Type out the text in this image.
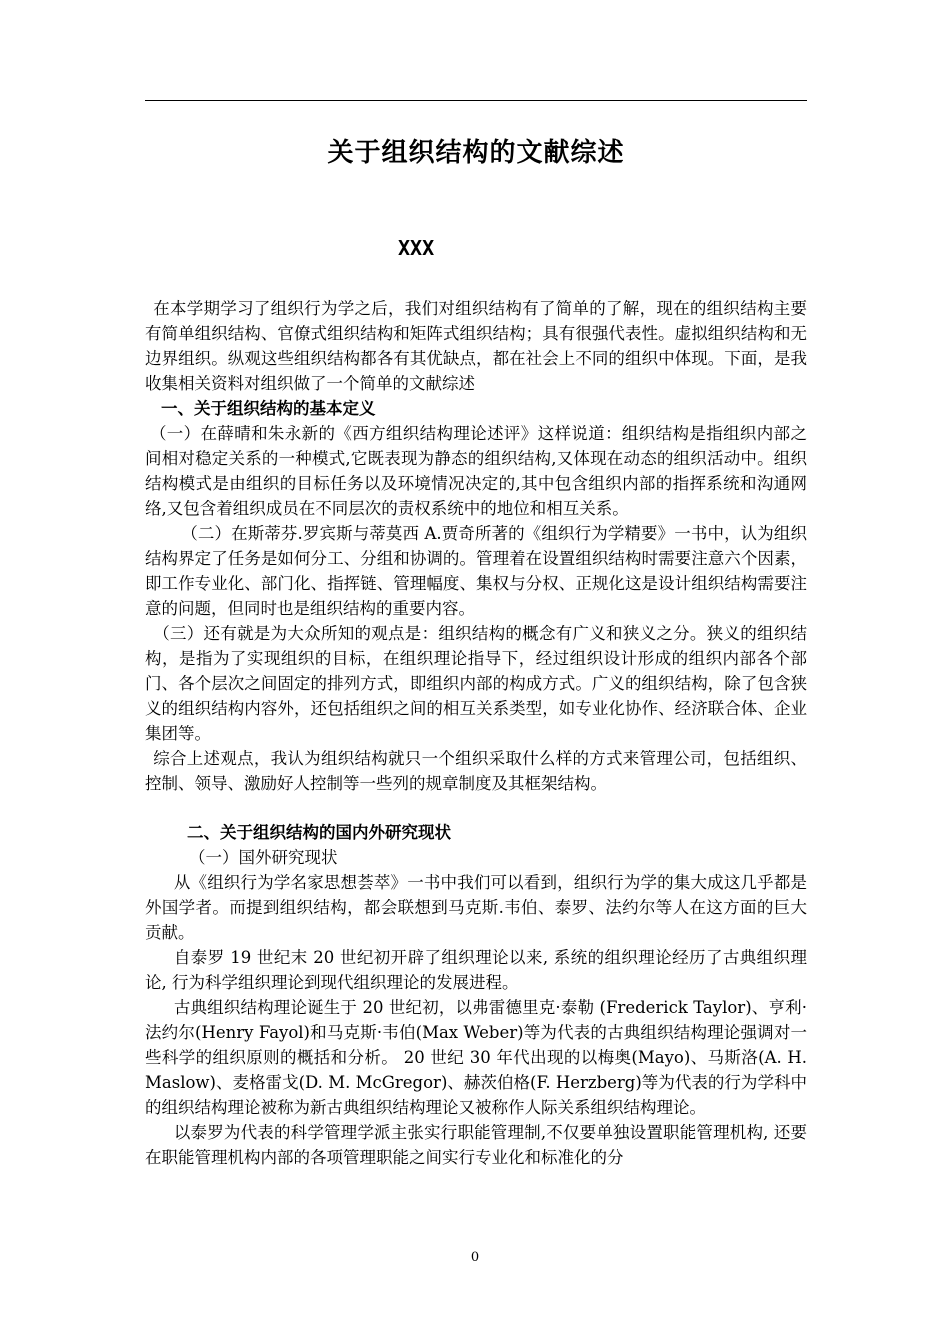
关于组织结构的文献综述
XXX

在本学期学习了组织行为学之后，我们对组织结构有了简单的了解，现在的组织结构主要有简单组织结构、官僚式组织结构和矩阵式组织结构；具有很强代表性。虚拟组织结构和无边界组织。纵观这些组织结构都各有其优缺点，都在社会上不同的组织中体现。下面，是我收集相关资料对组织做了一个简单的文献综述

一、关于组织结构的基本定义

（一）在薛晴和朱永新的《西方组织结构理论述评》这样说道：组织结构是指组织内部之间相对稳定关系的一种模式,它既表现为静态的组织结构,又体现在动态的组织活动中。组织结构模式是由组织的目标任务以及环境情况决定的,其中包含组织内部的指挥系统和沟通网络,又包含着组织成员在不同层次的责权系统中的地位和相互关系。

（二）在斯蒂芬.罗宾斯与蒂莫西 A.贾奇所著的《组织行为学精要》一书中，认为组织结构界定了任务是如何分工、分组和协调的。管理着在设置组织结构时需要注意六个因素，即工作专业化、部门化、指挥链、管理幅度、集权与分权、正规化这是设计组织结构需要注意的问题，但同时也是组织结构的重要内容。

（三）还有就是为大众所知的观点是：组织结构的概念有广义和狭义之分。狭义的组织结构，是指为了实现组织的目标，在组织理论指导下，经过组织设计形成的组织内部各个部门、各个层次之间固定的排列方式，即组织内部的构成方式。广义的组织结构，除了包含狭义的组织结构内容外，还包括组织之间的相互关系类型，如专业化协作、经济联合体、企业集团等。

综合上述观点，我认为组织结构就只一个组织采取什么样的方式来管理公司，包括组织、控制、领导、激励好人控制等一些列的规章制度及其框架结构。

二、关于组织结构的国内外研究现状

（一）国外研究现状

从《组织行为学名家思想荟萃》一书中我们可以看到，组织行为学的集大成这几乎都是外国学者。而提到组织结构，都会联想到马克斯.韦伯、泰罗、法约尔等人在这方面的巨大贡献。

自泰罗 19 世纪末 20 世纪初开辟了组织理论以来, 系统的组织理论经历了古典组织理论, 行为科学组织理论到现代组织理论的发展进程。

古典组织结构理论诞生于 20 世纪初，以弗雷德里克·泰勒 (Frederick Taylor)、亨利·法约尔(Henry Fayol)和马克斯·韦伯(Max Weber)等为代表的古典组织结构理论强调对一些科学的组织原则的概括和分析。 20 世纪 30 年代出现的以梅奥(Mayo)、马斯洛(A. H. Maslow)、麦格雷戈(D. M. McGregor)、赫茨伯格(F. Herzberg)等为代表的行为学科中的组织结构理论被称为新古典组织结构理论又被称作人际关系组织结构理论。

以泰罗为代表的科学管理学派主张实行职能管理制,不仅要单独设置职能管理机构, 还要在职能管理机构内部的各项管理职能之间实行专业化和标准化的分

0
